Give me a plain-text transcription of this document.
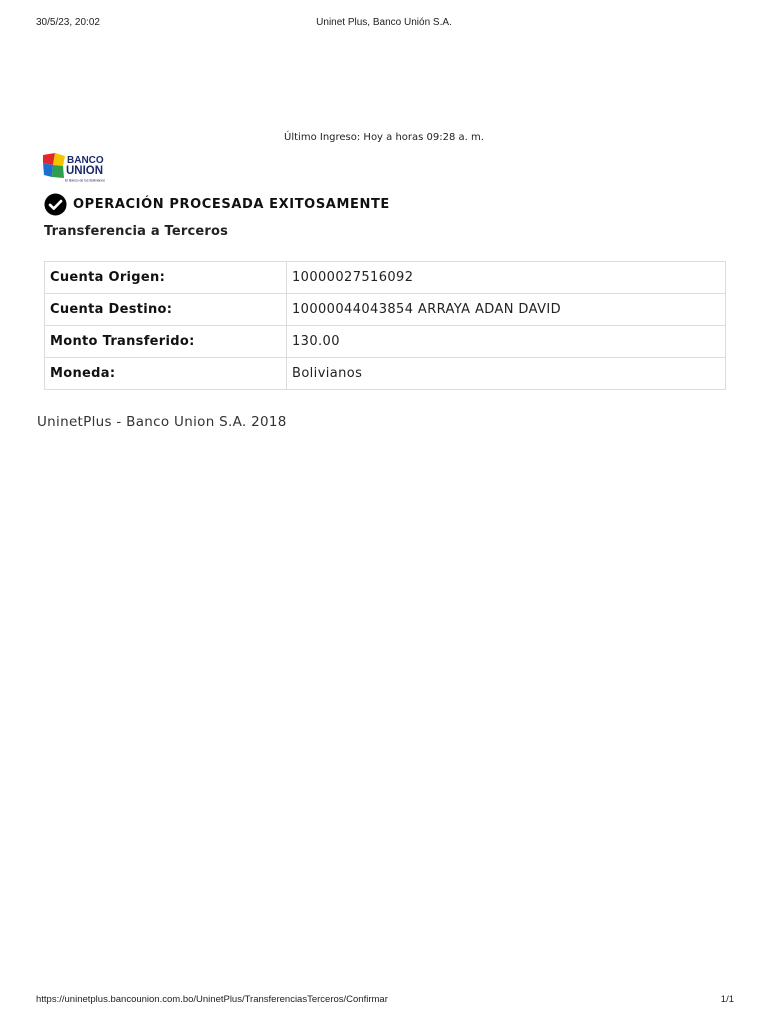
30/5/23, 20:02	Uninet Plus, Banco Unión S.A.
Último Ingreso: Hoy a horas 09:28 a. m.
BANCO
UNION
El Banco de los Bolivianos
OPERACIÓN PROCESADA EXITOSAMENTE
Transferencia a Terceros
Cuenta Origen:	10000027516092
Cuenta Destino:	10000044043854 ARRAYA ADAN DAVID
Monto Transferido:	130.00
Moneda:	Bolivianos
UninetPlus - Banco Union S.A. 2018
https://uninetplus.bancounion.com.bo/UninetPlus/TransferenciasTerceros/Confirmar	1/1
